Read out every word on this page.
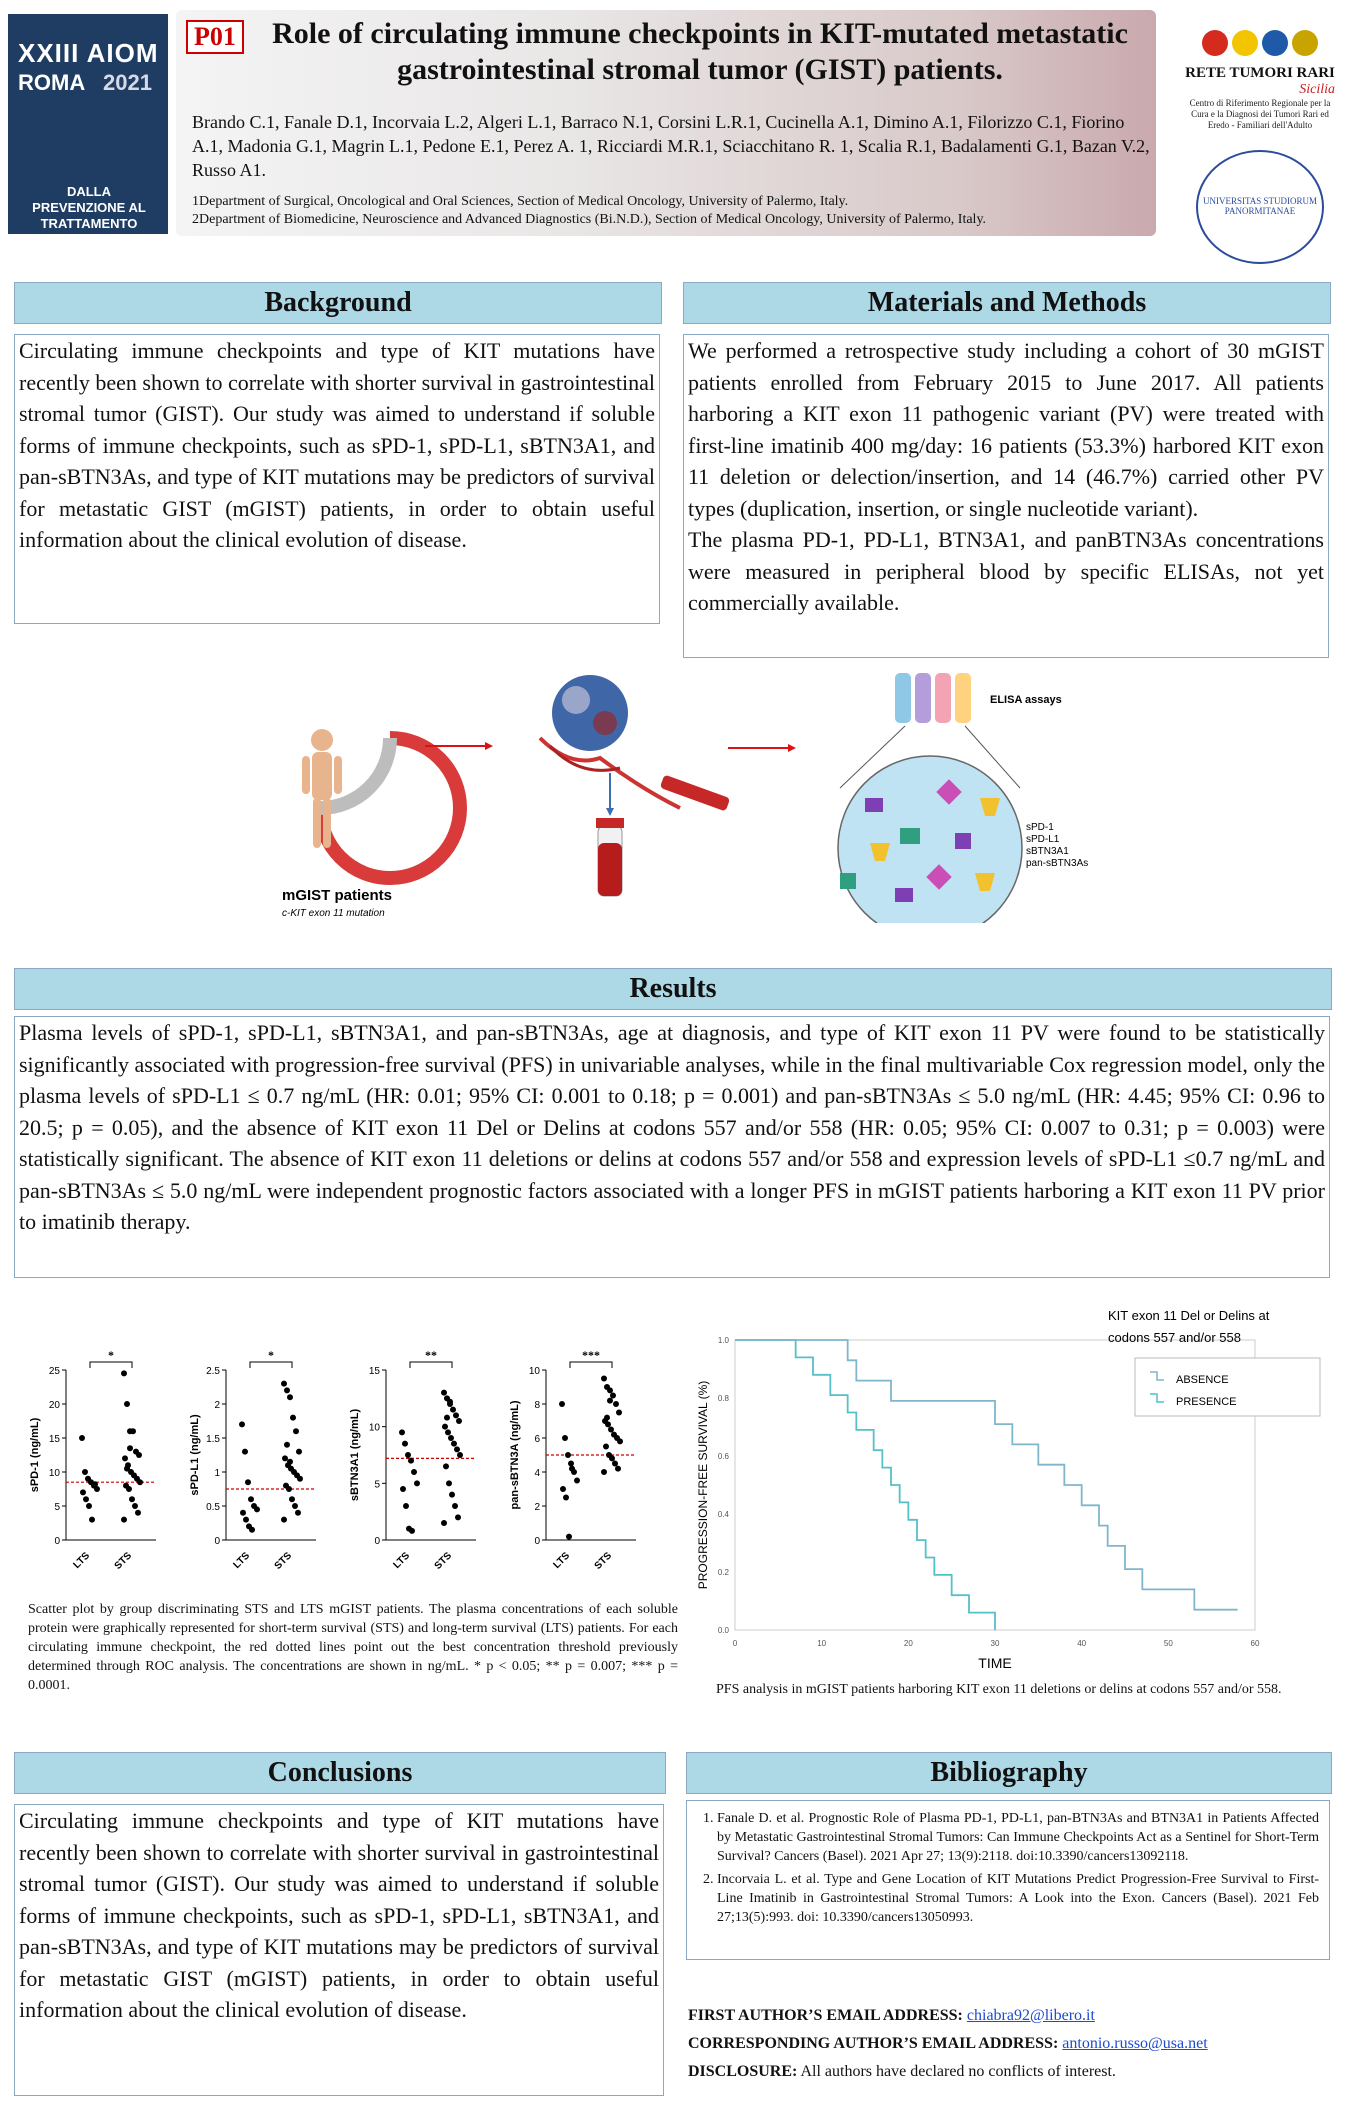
XXIII AIOM
ROMA 2021
DALLA PREVENZIONE AL TRATTAMENTO
P01	Role of circulating immune checkpoints in KIT-mutated metastatic gastrointestinal stromal tumor (GIST) patients.
Brando C.1, Fanale D.1, Incorvaia L.2, Algeri L.1, Barraco N.1, Corsini L.R.1, Cucinella A.1, Dimino A.1, Filorizzo C.1, Fiorino A.1, Madonia G.1, Magrin L.1, Pedone E.1, Perez A. 1, Ricciardi M.R.1, Sciacchitano R. 1, Scalia R.1, Badalamenti G.1, Bazan V.2, Russo A1.
1Department of Surgical, Oncological and Oral Sciences, Section of Medical Oncology, University of Palermo, Italy.
2Department of Biomedicine, Neuroscience and Advanced Diagnostics (Bi.N.D.), Section of Medical Oncology, University of Palermo, Italy.
RETE TUMORI RARI
Sicilia
Centro di Riferimento Regionale per la Cura e la Diagnosi dei Tumori Rari ed Eredo - Familiari dell'Adulto
UNIVERSITAS STUDIORUM PANORMITANAE
Background
Circulating immune checkpoints and type of KIT mutations have recently been shown to correlate with shorter survival in gastrointestinal stromal tumor (GIST). Our study was aimed to understand if soluble forms of immune checkpoints, such as sPD-1, sPD-L1, sBTN3A1, and pan-sBTN3As, and type of KIT mutations may be predictors of survival for metastatic GIST (mGIST) patients, in order to obtain useful information about the clinical evolution of disease.
Materials and Methods
We performed a retrospective study including a cohort of 30 mGIST patients enrolled from February 2015 to June 2017. All patients harboring a KIT exon 11 pathogenic variant (PV) were treated with first-line imatinib 400 mg/day: 16 patients (53.3%) harbored KIT exon 11 deletion or delection/insertion, and 14 (46.7%) carried other PV types (duplication, insertion, or single nucleotide variant).
The plasma PD-1, PD-L1, BTN3A1, and panBTN3As concentrations were measured in peripheral blood by specific ELISAs, not yet commercially available.
mGIST patients
c-KIT exon 11 mutation
ELISA assays
sPD-1
sPD-L1
sBTN3A1
pan-sBTN3As
Results
Plasma levels of sPD-1, sPD-L1, sBTN3A1, and pan-sBTN3As, age at diagnosis, and type of KIT exon 11 PV were found to be statistically significantly associated with progression-free survival (PFS) in univariable analyses, while in the final multivariable Cox regression model, only the plasma levels of sPD-L1 ≤ 0.7 ng/mL (HR: 0.01; 95% CI: 0.001 to 0.18; p = 0.001) and pan-sBTN3As ≤ 5.0 ng/mL (HR: 4.45; 95% CI: 0.96 to 20.5; p = 0.05), and the absence of KIT exon 11 Del or Delins at codons 557 and/or 558 (HR: 0.05; 95% CI: 0.007 to 0.31; p = 0.003) were statistically significant. The absence of KIT exon 11 deletions or delins at codons 557 and/or 558 and expression levels of sPD-L1 ≤0.7 ng/mL and pan-sBTN3As ≤ 5.0 ng/mL were independent prognostic factors associated with a longer PFS in mGIST patients harboring a KIT exon 11 PV prior to imatinib therapy.
0
5
10
15
20
25
sPD-1 (ng/mL)
*
LTS STS
0
0.5
1
1.5
2
2.5
sPD-L1 (ng/mL)
*
LTS STS
0
5
10
15
sBTN3A1 (ng/mL)
**
LTS STS
0
2
4
6
8
10
pan-sBTN3A (ng/mL)
***
LTS STS
Scatter plot by group discriminating STS and LTS mGIST patients. The plasma concentrations of each soluble protein were graphically represented for short-term survival (STS) and long-term survival (LTS) patients. For each circulating immune checkpoint, the red dotted lines point out the best concentration threshold previously determined through ROC analysis. The concentrations are shown in ng/mL. * p < 0.05; ** p = 0.007; *** p = 0.0001.
0.0
0.2
0.4
0.6
0.8
1.0
0	10	20	30	40	50	60
TIME
PROGRESSION-FREE SURVIVAL (%)
KIT exon 11 Del or Delins at codons 557 and/or 558
ABSENCE
PRESENCE
PFS analysis in mGIST patients harboring KIT exon 11 deletions or delins at codons 557 and/or 558.
Conclusions
Circulating immune checkpoints and type of KIT mutations have recently been shown to correlate with shorter survival in gastrointestinal stromal tumor (GIST). Our study was aimed to understand if soluble forms of immune checkpoints, such as sPD-1, sPD-L1, sBTN3A1, and pan-sBTN3As, and type of KIT mutations may be predictors of survival for metastatic GIST (mGIST) patients, in order to obtain useful information about the clinical evolution of disease.
Bibliography
1. Fanale D. et al. Prognostic Role of Plasma PD-1, PD-L1, pan-BTN3As and BTN3A1 in Patients Affected by Metastatic Gastrointestinal Stromal Tumors: Can Immune Checkpoints Act as a Sentinel for Short-Term Survival? Cancers (Basel). 2021 Apr 27; 13(9):2118. doi:10.3390/cancers13092118.
2. Incorvaia L. et al. Type and Gene Location of KIT Mutations Predict Progression-Free Survival to First-Line Imatinib in Gastrointestinal Stromal Tumors: A Look into the Exon. Cancers (Basel). 2021 Feb 27;13(5):993. doi: 10.3390/cancers13050993.
FIRST AUTHOR’S EMAIL ADDRESS: chiabra92@libero.it
CORRESPONDING AUTHOR’S EMAIL ADDRESS: antonio.russo@usa.net
DISCLOSURE: All authors have declared no conflicts of interest.
